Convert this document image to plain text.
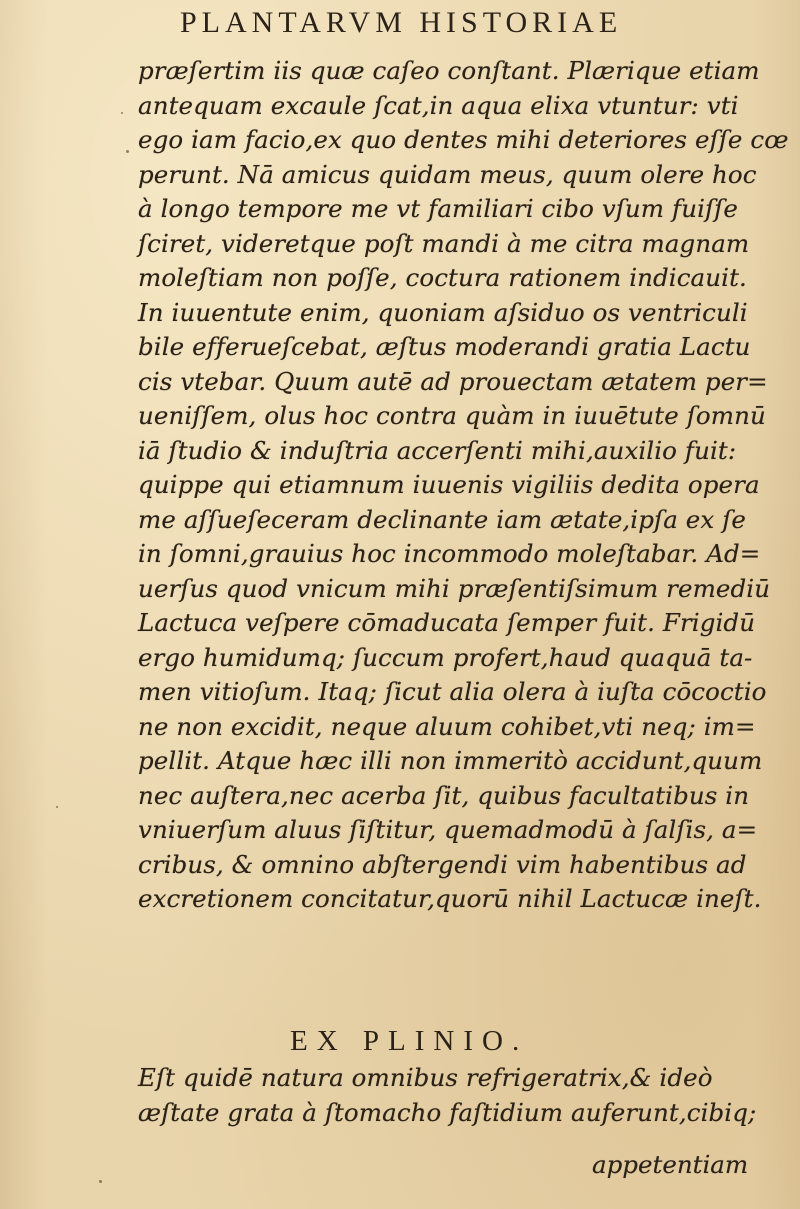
PLANTARVM HISTORIAE
præſertim iis quæ caſeo conſtant. Plærique etiam
antequam excaule ſcat,in aqua elixa vtuntur: vti
ego iam facio,ex quo dentes mihi deteriores eſſe cœ
perunt. Nā amicus quidam meus, quum olere hoc
à longo tempore me vt familiari cibo vſum fuiſſe
ſciret, videretque poſt mandi à me citra magnam
moleſtiam non poſſe, coctura rationem indicauit.
In iuuentute enim, quoniam aſsiduo os ventriculi
bile efferueſcebat, æſtus moderandi gratia Lactu
cis vtebar. Quum autē ad prouectam ætatem per=
ueniſſem, olus hoc contra quàm in iuuētute ſomnū
iā ſtudio & induſtria accerſenti mihi,auxilio fuit:
quippe qui etiamnum iuuenis vigiliis dedita opera
me aſſueſeceram declinante iam ætate,ipſa ex ſe
in ſomni,grauius hoc incommodo moleſtabar. Ad=
uerſus quod vnicum mihi præſentiſsimum remediū
Lactuca veſpere cōmaducata ſemper fuit. Frigidū
ergo humidumq; ſuccum profert,haud quaquā ta-
men vitioſum. Itaq; ſicut alia olera à iuſta cōcoctio
ne non excidit, neque aluum cohibet,vti neq; im=
pellit. Atque hæc illi non immeritò accidunt,quum
nec auſtera,nec acerba ſit, quibus facultatibus in
vniuerſum aluus ſiſtitur, quemadmodū à ſalſis, a=
cribus, & omnino abſtergendi vim habentibus ad
excretionem concitatur,quorū nihil Lactucæ ineſt.
EX PLINIO.
Eſt quidē natura omnibus refrigeratrix,& ideò
æſtate grata à ſtomacho faſtidium auferunt,cibiq;
appetentiam
